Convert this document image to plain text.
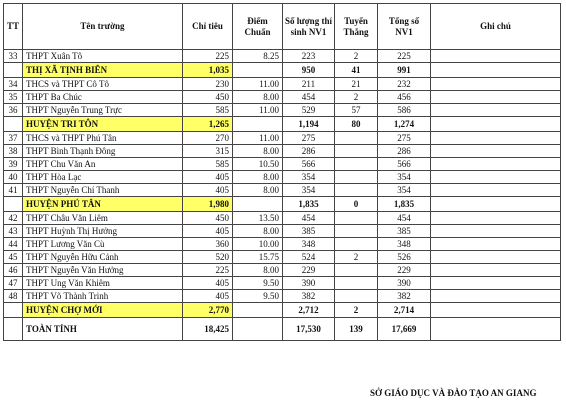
TT	Tên trường	Chỉ tiêu	Điểm Chuẩn	Số lượng thí sinh NV1	Tuyển Thẳng	Tổng số NV1	Ghi chú
33	THPT Xuân Tô	225	8.25	223	2	225	
	THỊ XÃ TỊNH BIÊN	1,035		950	41	991	
34	THCS và THPT Cô Tô	230	11.00	211	21	232	
35	THPT Ba Chúc	450	8.00	454	2	456	
36	THPT Nguyễn Trung Trực	585	11.00	529	57	586	
	HUYỆN TRI TÔN	1,265		1,194	80	1,274	
37	THCS và THPT Phú Tân	270	11.00	275		275	
38	THPT Bình Thạnh Đông	315	8.00	286		286	
39	THPT Chu Văn An	585	10.50	566		566	
40	THPT Hòa Lạc	405	8.00	354		354	
41	THPT Nguyễn Chí Thanh	405	8.00	354		354	
	HUYỆN PHÚ TÂN	1,980		1,835	0	1,835	
42	THPT Châu Văn Liêm	450	13.50	454		454	
43	THPT Huỳnh Thị Hưởng	405	8.00	385		385	
44	THPT Lương Văn Cù	360	10.00	348		348	
45	THPT Nguyễn Hữu Cảnh	520	15.75	524	2	526	
46	THPT Nguyễn Văn Hưởng	225	8.00	229		229	
47	THPT Ung Văn Khiêm	405	9.50	390		390	
48	THPT Võ Thành Trinh	405	9.50	382		382	
	HUYỆN CHỢ MỚI	2,770		2,712	2	2,714	
	TOÀN TỈNH	18,425		17,530	139	17,669	
SỞ GIÁO DỤC VÀ ĐÀO TẠO AN GIANG
